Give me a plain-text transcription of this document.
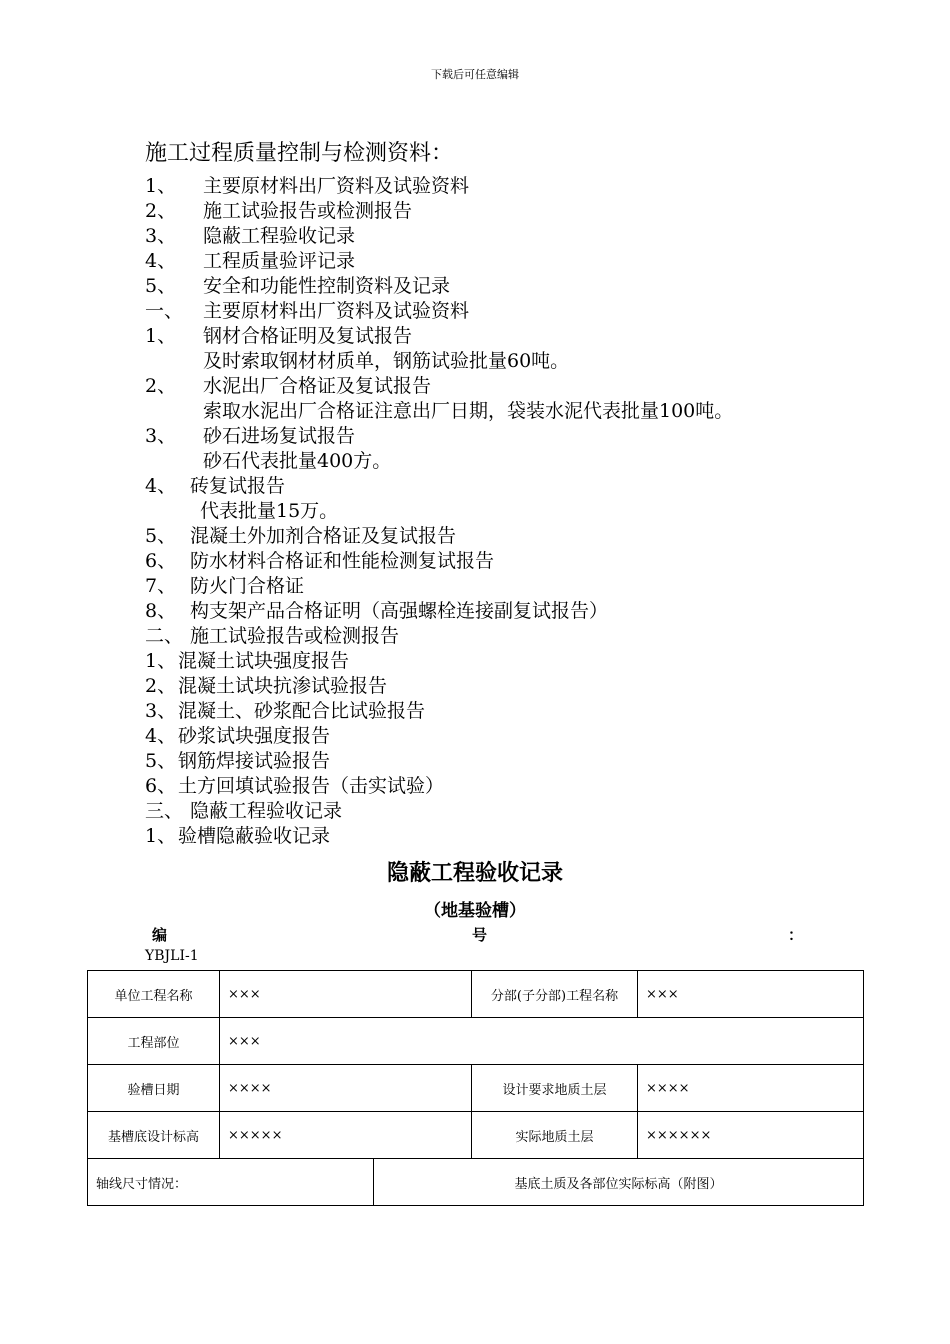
下载后可任意编辑
施工过程质量控制与检测资料：
1、 主要原材料出厂资料及试验资料
2、 施工试验报告或检测报告
3、 隐蔽工程验收记录
4、 工程质量验评记录
5、 安全和功能性控制资料及记录
一、 主要原材料出厂资料及试验资料
1、 钢材合格证明及复试报告
及时索取钢材材质单，钢筋试验批量60吨。
2、 水泥出厂合格证及复试报告
索取水泥出厂合格证注意出厂日期，袋装水泥代表批量100吨。
3、 砂石进场复试报告
砂石代表批量400方。
4、 砖复试报告
代表批量15万。
5、 混凝土外加剂合格证及复试报告
6、 防水材料合格证和性能检测复试报告
7、 防火门合格证
8、 构支架产品合格证明（高强螺栓连接副复试报告）
二、 施工试验报告或检测报告
1、 混凝土试块强度报告
2、 混凝土试块抗渗试验报告
3、 混凝土、砂浆配合比试验报告
4、 砂浆试块强度报告
5、 钢筋焊接试验报告
6、 土方回填试验报告（击实试验）
三、 隐蔽工程验收记录
1、 验槽隐蔽验收记录
隐蔽工程验收记录
（地基验槽）
编	号	：
YBJLI-1
单位工程名称	×××		分部(子分部)工程名称	×××
工程部位	×××			
验槽日期	××××		设计要求地质土层	××××
基槽底设计标高	×××××		实际地质土层	××××××
轴线尺寸情况：		基底土质及各部位实际标高（附图）		
